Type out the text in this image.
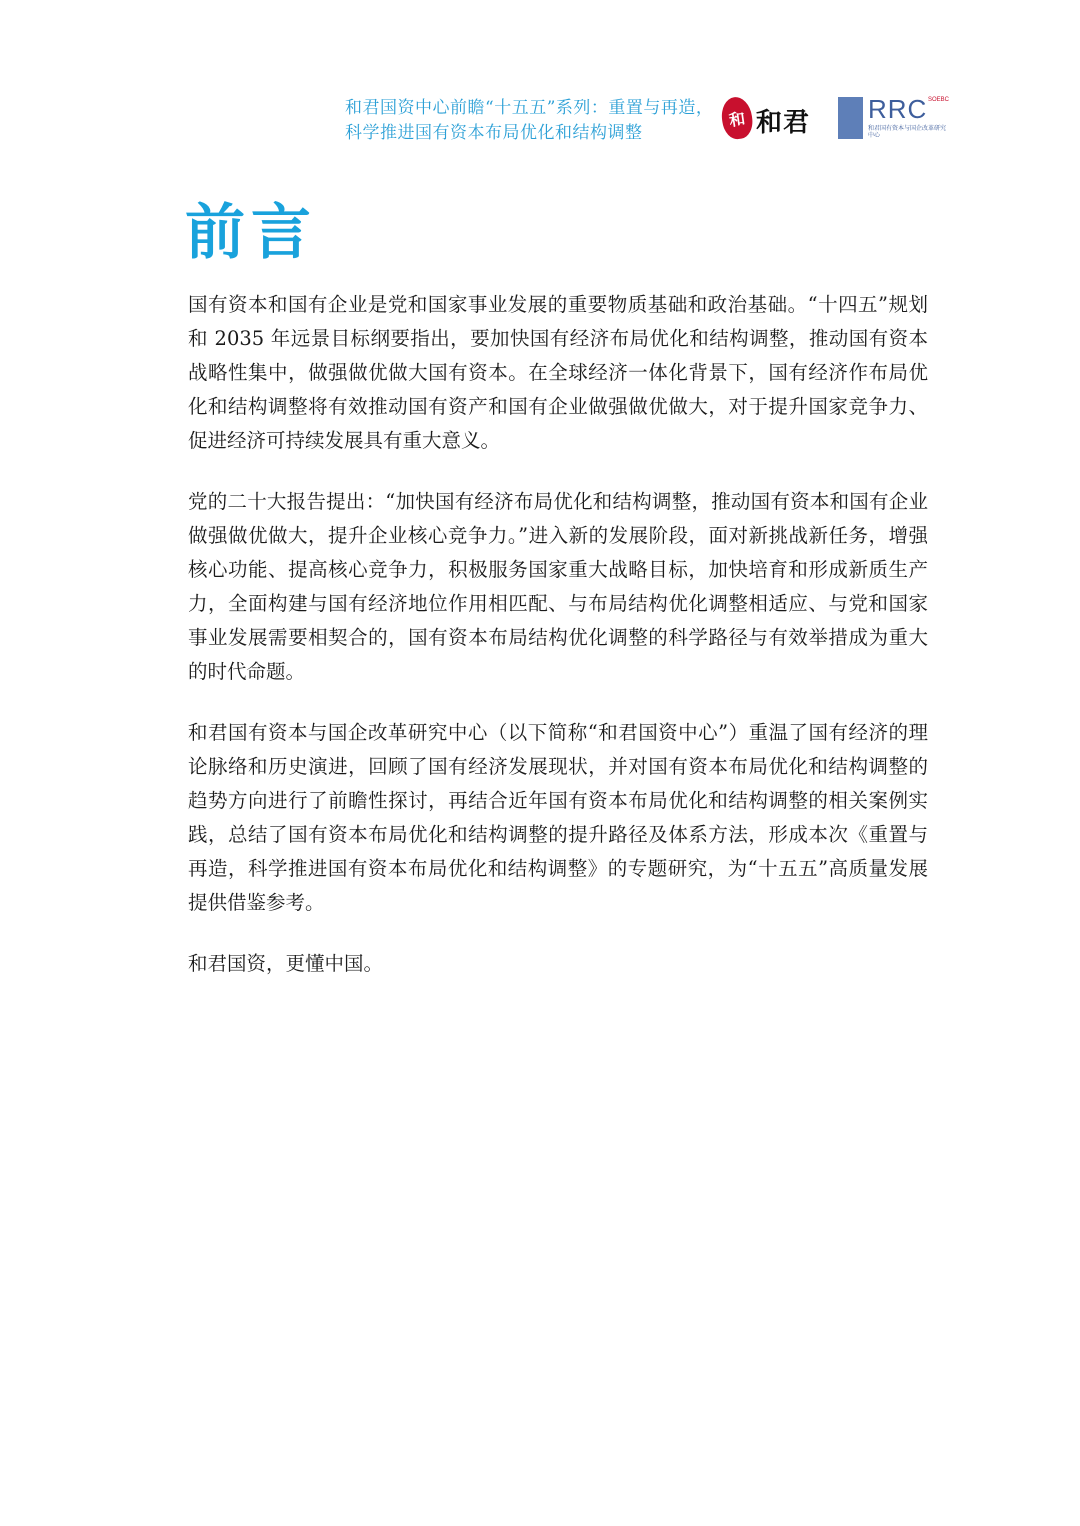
和君国资中心前瞻“十五五”系列：重置与再造，科学推进国有资本布局优化和结构调整
和 和君 RRC SOEBC
和君国有资本与国企改革研究中心
前言

国有资本和国有企业是党和国家事业发展的重要物质基础和政治基础。“十四五”规划和 2035 年远景目标纲要指出，要加快国有经济布局优化和结构调整，推动国有资本战略性集中，做强做优做大国有资本。在全球经济一体化背景下，国有经济作布局优化和结构调整将有效推动国有资产和国有企业做强做优做大，对于提升国家竞争力、促进经济可持续发展具有重大意义。

党的二十大报告提出：“加快国有经济布局优化和结构调整，推动国有资本和国有企业做强做优做大，提升企业核心竞争力。”进入新的发展阶段，面对新挑战新任务，增强核心功能、提高核心竞争力，积极服务国家重大战略目标，加快培育和形成新质生产力，全面构建与国有经济地位作用相匹配、与布局结构优化调整相适应、与党和国家事业发展需要相契合的，国有资本布局结构优化调整的科学路径与有效举措成为重大的时代命题。

和君国有资本与国企改革研究中心（以下简称“和君国资中心”）重温了国有经济的理论脉络和历史演进，回顾了国有经济发展现状，并对国有资本布局优化和结构调整的趋势方向进行了前瞻性探讨，再结合近年国有资本布局优化和结构调整的相关案例实践，总结了国有资本布局优化和结构调整的提升路径及体系方法，形成本次《重置与再造，科学推进国有资本布局优化和结构调整》的专题研究，为“十五五”高质量发展提供借鉴参考。

和君国资，更懂中国。
